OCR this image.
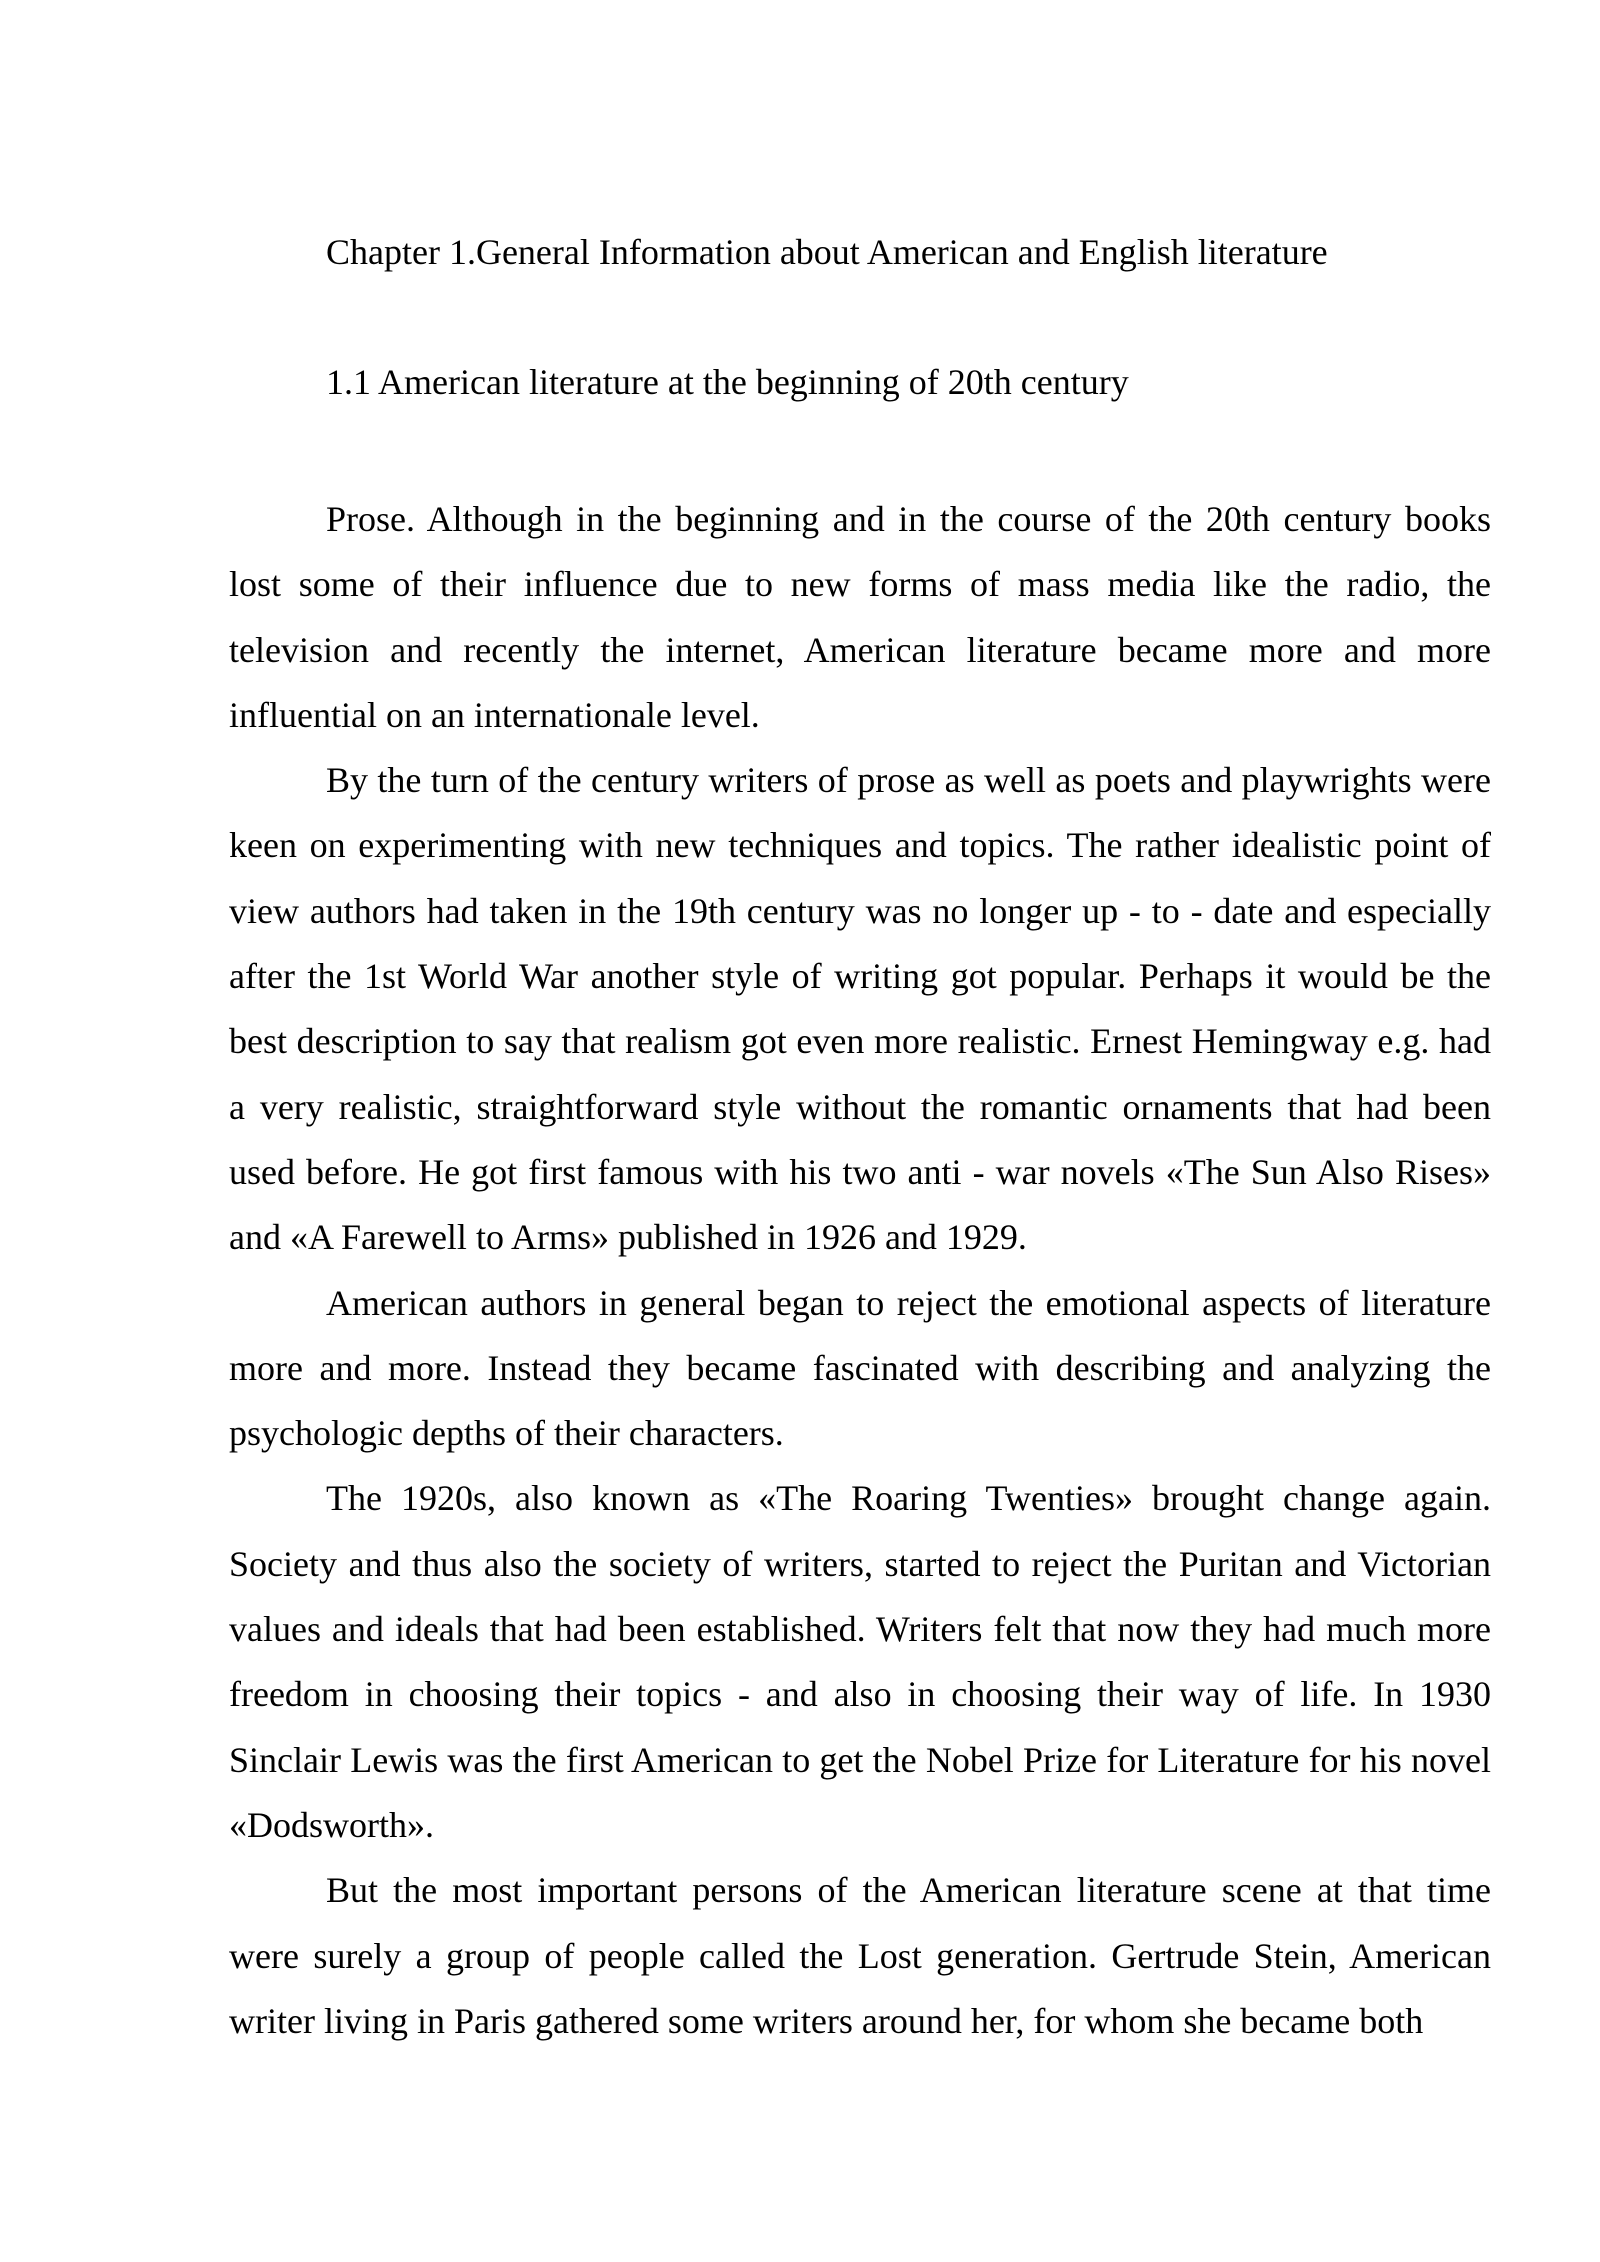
Chapter 1.General Information about American and English literature
1.1 American literature at the beginning of 20th century

Prose. Although in the beginning and in the course of the 20th century books lost some of their influence due to new forms of mass media like the radio, the television and recently the internet, American literature became more and more influential on an internationale level.

By the turn of the century writers of prose as well as poets and playwrights were keen on experimenting with new techniques and topics. The rather idealistic point of view authors had taken in the 19th century was no longer up - to - date and especially after the 1st World War another style of writing got popular. Perhaps it would be the best description to say that realism got even more realistic. Ernest Hemingway e.g. had a very realistic, straightforward style without the romantic ornaments that had been used before. He got first famous with his two anti - war novels «The Sun Also Rises» and «A Farewell to Arms» published in 1926 and 1929.

American authors in general began to reject the emotional aspects of literature more and more. Instead they became fascinated with describing and analyzing the psychologic depths of their characters.

The 1920s, also known as «The Roaring Twenties» brought change again. Society and thus also the society of writers, started to reject the Puritan and Victorian values and ideals that had been established. Writers felt that now they had much more freedom in choosing their topics - and also in choosing their way of life. In 1930 Sinclair Lewis was the first American to get the Nobel Prize for Literature for his novel «Dodsworth».

But the most important persons of the American literature scene at that time were surely a group of people called the Lost generation. Gertrude Stein, American writer living in Paris gathered some writers around her, for whom she became both
